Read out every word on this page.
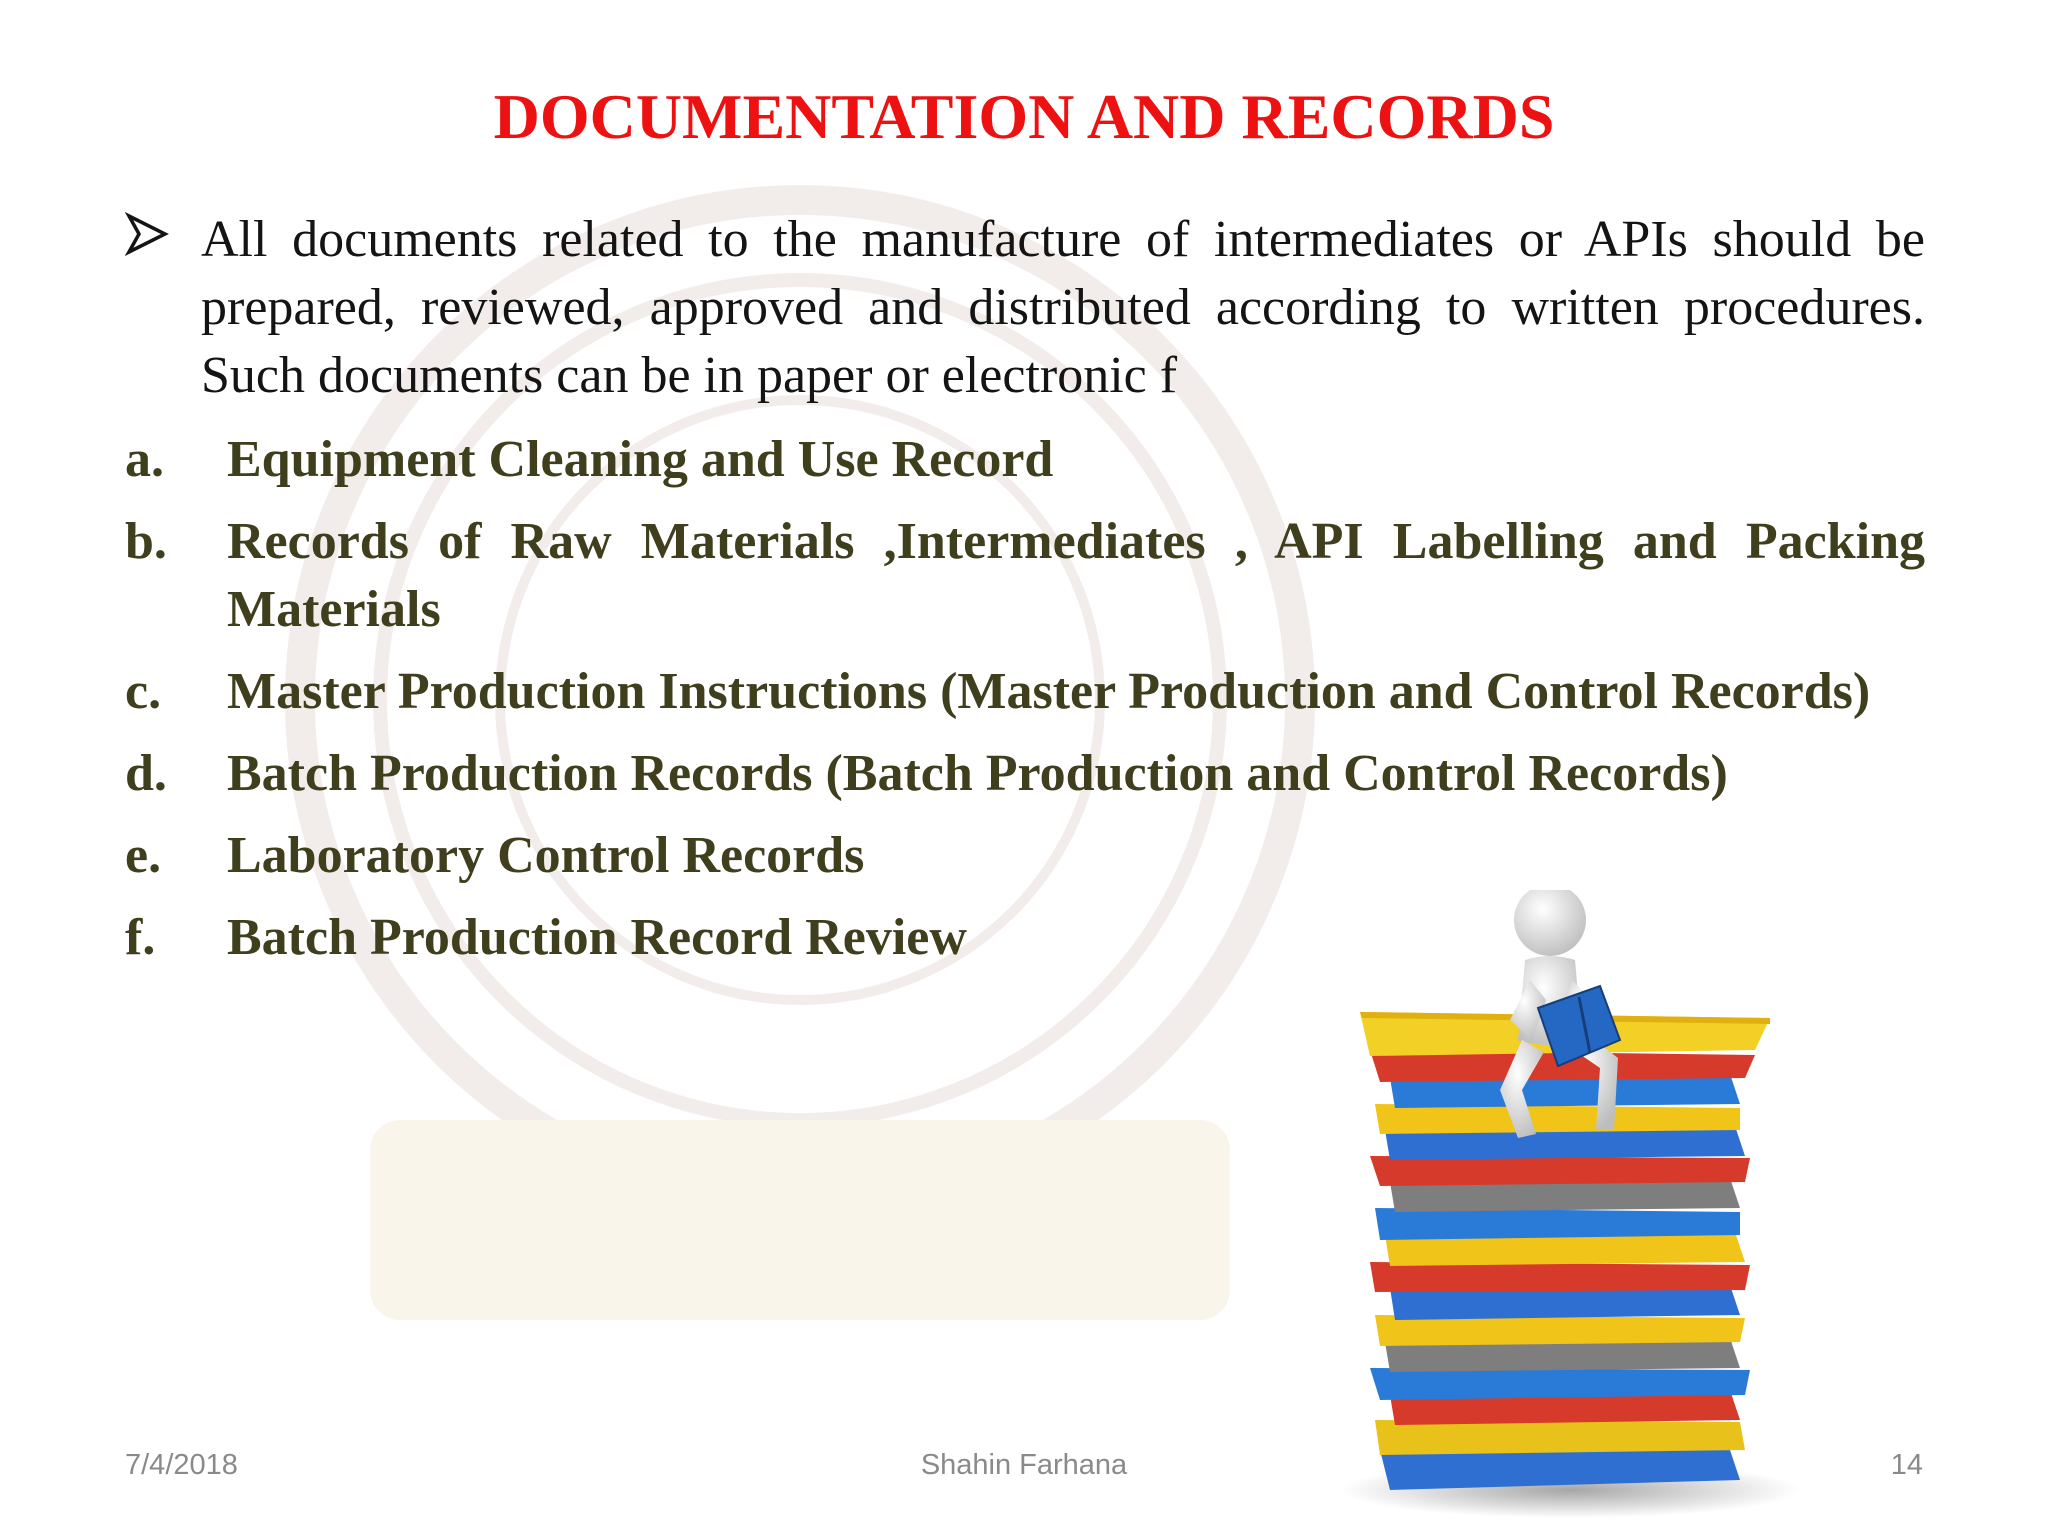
DOCUMENTATION AND RECORDS
All documents related to the manufacture of intermediates or APIs should be prepared, reviewed, approved and distributed according to written procedures. Such documents can be in paper or electronic f
a. Equipment Cleaning and Use Record
b. Records of Raw Materials ,Intermediates , API Labelling and Packing Materials
c. Master Production Instructions (Master Production and Control Records)
d. Batch Production Records (Batch Production and Control Records)
e. Laboratory Control Records
f. Batch Production Record Review
7/4/2018	Shahin Farhana	14
